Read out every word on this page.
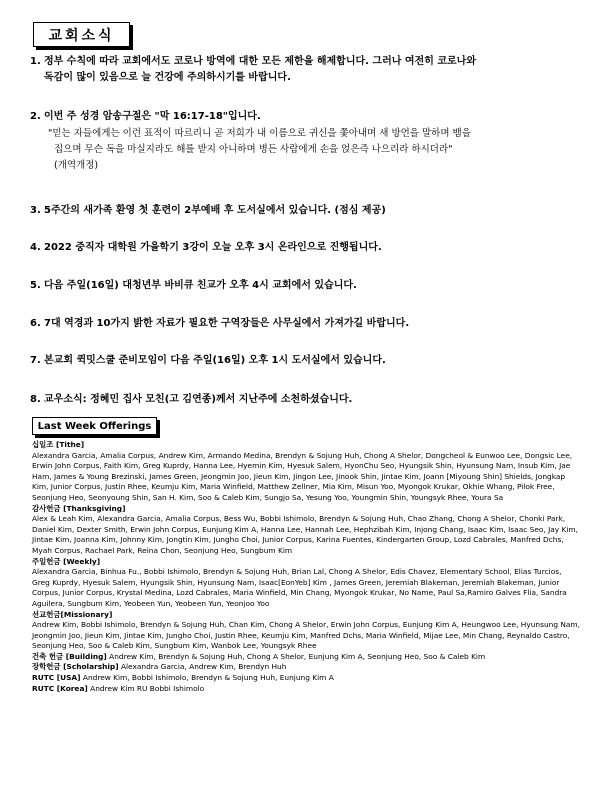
교회소식
1. 정부 수칙에 따라 교회에서도 코로나 방역에 대한 모든 제한을 해제합니다. 그러나 여전히 코로나와
독감이 많이 있음으로 늘 건강에 주의하시기를 바랍니다.
2. 이번 주 성경 암송구절은 "막 16:17-18"입니다.
3. 5주간의 새가족 환영 첫 훈련이 2부예배 후 도서실에서 있습니다. (점심 제공)
4. 2022 중직자 대학원 가을학기 3강이 오늘 오후 3시 온라인으로 진행됩니다.
5. 다음 주일(16일) 대청년부 바비큐 친교가 오후 4시 교회에서 있습니다.
6. 7대 역경과 10가지 밝한 자료가 필요한 구역장들은 사무실에서 가져가길 바랍니다.
7. 본교회 퀵밋스쿨 준비모임이 다음 주일(16일) 오후 1시 도서실에서 있습니다.
8. 교우소식: 정혜민 집사 모친(고 김연종)께서 지난주에 소천하셨습니다.
"믿는 자들에게는 이런 표적이 따르리니 곧 저희가 내 이름으로 귀신을 쫓아내며 새 방언을 말하며 뱀을
집으며 무슨 독을 마실지라도 해를 받지 아니하며 병든 사람에게 손을 얹은즉 나으리라 하시더라"
(개역개정)
Last Week Offerings
십일조 [Tithe]
Alexandra Garcia, Amalia Corpus, Andrew Kim, Armando Medina, Brendyn & Sojung Huh, Chong A Shelor, Dongcheol & Eunwoo Lee, Dongsic Lee, Erwin John Corpus, Faith Kim, Greg Kuprdy, Hanna Lee, Hyemin Kim, Hyesuk Salem, HyonChu Seo, Hyungsik Shin, Hyunsung Nam, Insub Kim, Jae Ham, James & Young Brezinski, James Green, Jeongmin Joo, Jieun Kim, Jingon Lee, Jinook Shin, Jintae Kim, Joann [Miyoung Shin] Shields, Jongkap Kim, Junior Corpus, Justin Rhee, Keumju Kim, Maria Winfield, Matthew Zellner, Mia Kim, Misun Yoo, Myongok Krukar, Okhie Whang, Pilok Free, Seonjung Heo, Seonyoung Shin, San H. Kim, Soo & Caleb Kim, Sungjo Sa, Yesung Yoo, Youngmin Shin, Youngsyk Rhee, Youra Sa
감사헌금 [Thanksgiving]
Alex & Leah Kim, Alexandra Garcia, Amalia Corpus, Bess Wu, Bobbi Ishimolo, Brendyn & Sojung Huh, Chao Zhang, Chong A Shelor, Chonki Park, Daniel Kim, Dexter Smith, Erwin John Corpus, Eunjung Kim A, Hanna Lee, Hannah Lee, Hephzibah Kim, Injong Chang, Isaac Kim, Isaac Seo, Jay Kim, Jintae Kim, Joanna Kim, Johnny Kim, Jongtin Kim, Jungho Choi, Junior Corpus, Karina Fuentes, Kindergarten Group, Lozd Cabrales, Manfred Dchs, Myah Corpus, Rachael Park, Reina Chon, Seonjung Heo, Sungbum Kim
주일헌금 [Weekly]
Alexandra Garcia, Binhua Fu., Bobbi Ishimolo, Brendyn & Sojung Huh, Brian Lal, Chong A Shelor, Edis Chavez, Elementary School, Elias Turcios, Greg Kuprdy, Hyesuk Salem, Hyungsik Shin, Hyunsung Nam, Isaac[EonYeb] Kim , James Green, Jeremiah Blakeman, Jeremiah Blakeman, Junior Corpus, Junior Corpus, Krystal Medina, Lozd Cabrales, Maria Winfield, Min Chang, Myongok Krukar, No Name, Paul Sa,Ramiro Galves Flia, Sandra Aguilera, Sungbum Kim, Yeobeen Yun, Yeobeen Yun, Yeonjoo Yoo
선교헌금[Missionary]
Andrew Kim, Bobbi Ishimolo, Brendyn & Sojung Huh, Chan Kim, Chong A Shelor, Erwin John Corpus, Eunjung Kim A, Heungwoo Lee, Hyunsung Nam, Jeongmin Joo, Jieun Kim, Jintae Kim, Jungho Choi, Justin Rhee, Keumju Kim, Manfred Dchs, Maria Winfield, Mijae Lee, Min Chang, Reynaldo Castro, Seonjung Heo, Soo & Caleb Kim, Sungbum Kim, Wanbok Lee, Youngsyk Rhee
건축 헌금 [Building] Andrew Kim, Brendyn & Sojung Huh, Chong A Shelor, Eunjung Kim A, Seonjung Heo, Soo & Caleb Kim
장학헌금 [Scholarship] Alexandra Garcia, Andrew Kim, Brendyn Huh
RUTC [USA] Andrew Kim, Bobbi Ishimolo, Brendyn & Sojung Huh, Eunjung Kim A
RUTC [Korea] Andrew Kim RU Bobbi Ishimolo
